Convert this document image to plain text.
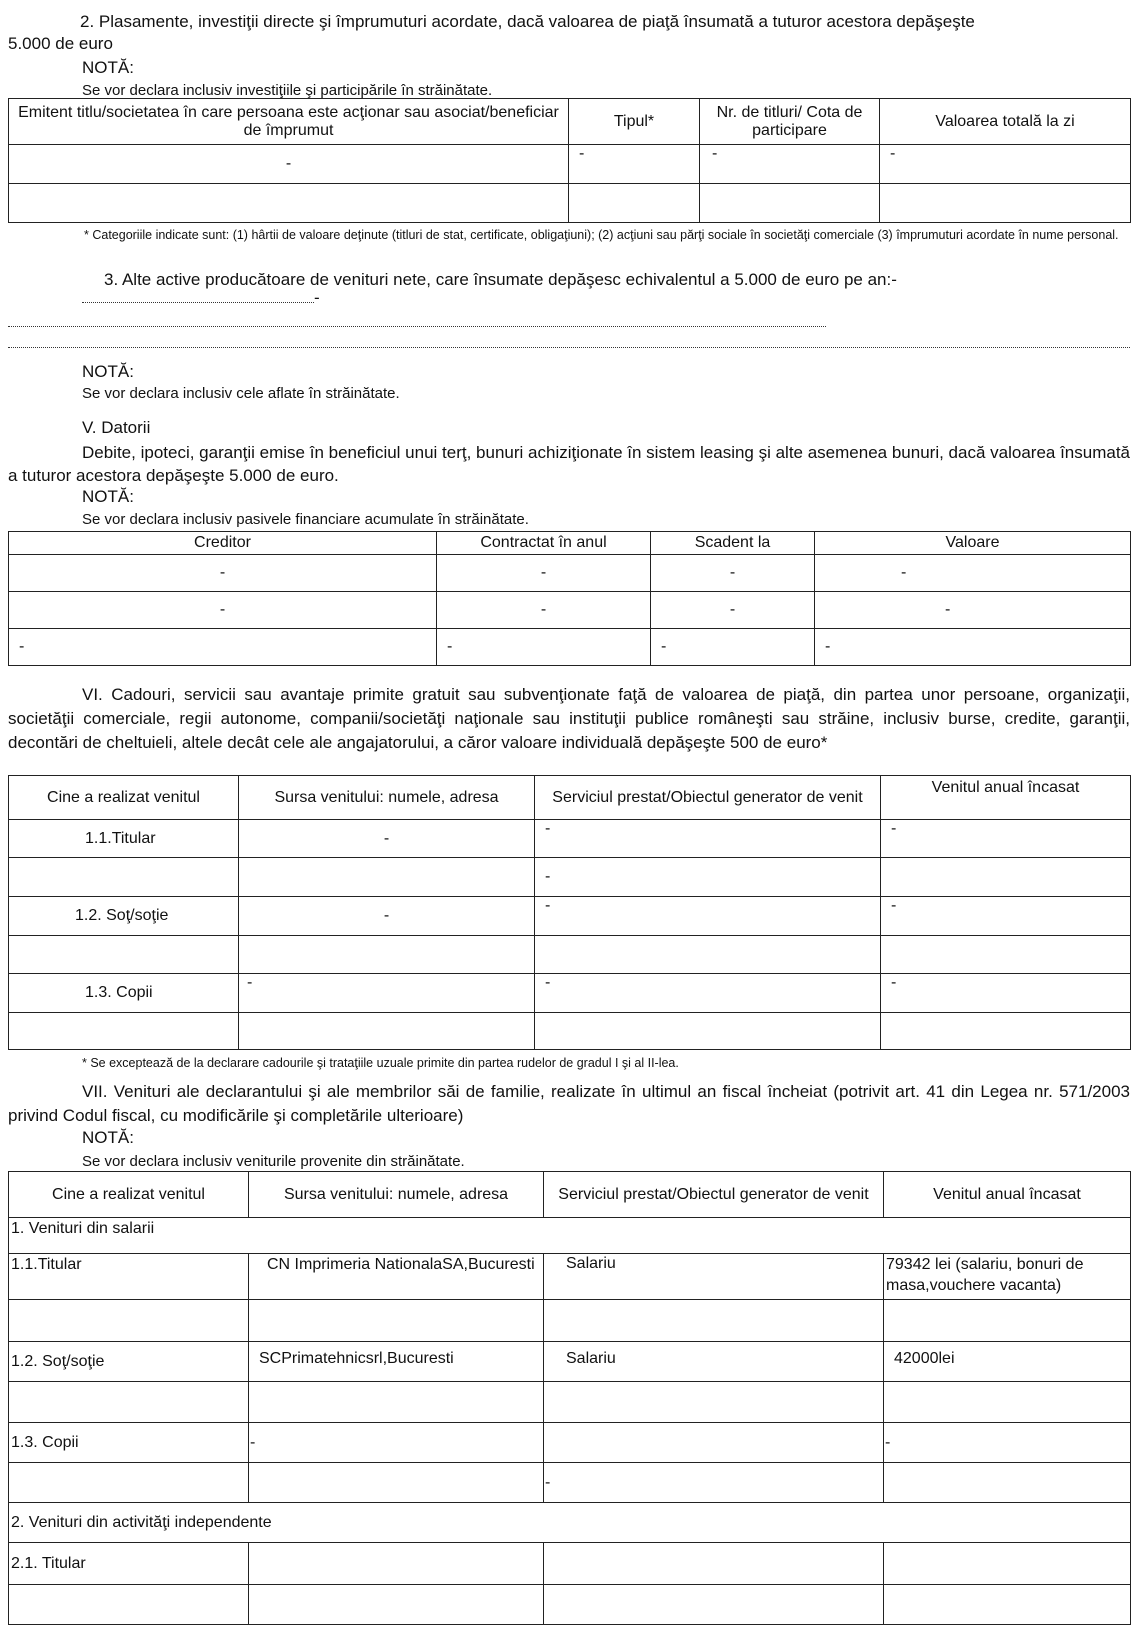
2. Plasamente, investiţii directe şi împrumuturi acordate, dacă valoarea de piaţă însumată a tuturor acestora depăşeşte
5.000 de euro
NOTĂ:
Se vor declara inclusiv investiţiile şi participările în străinătate.
Emitent titlu/societatea în care persoana este acţionar sau asociat/beneficiar de împrumut	Tipul*	Nr. de titluri/ Cota de participare	Valoarea totală la zi
-	-	-	-

* Categoriile indicate sunt: (1) hârtii de valoare deţinute (titluri de stat, certificate, obligaţiuni); (2) acţiuni sau părţi sociale în societăţi comerciale (3) împrumuturi acordate în nume personal.
3. Alte active producătoare de venituri nete, care însumate depăşesc echivalentul a 5.000 de euro pe an:-
-
NOTĂ:
Se vor declara inclusiv cele aflate în străinătate.
V. Datorii
Debite, ipoteci, garanţii emise în beneficiul unui terţ, bunuri achiziţionate în sistem leasing şi alte asemenea bunuri, dacă valoarea însumată a tuturor acestora depăşeşte 5.000 de euro.
NOTĂ:
Se vor declara inclusiv pasivele financiare acumulate în străinătate.
Creditor	Contractat în anul	Scadent la	Valoare
-	-	-	-
-	-	-	-
-	-	-	-
VI. Cadouri, servicii sau avantaje primite gratuit sau subvenţionate faţă de valoarea de piaţă, din partea unor persoane, organizaţii, societăţii comerciale, regii autonome, companii/societăţi naţionale sau instituţii publice româneşti sau străine, inclusiv burse, credite, garanţii, decontări de cheltuieli, altele decât cele ale angajatorului, a căror valoare individuală depăşeşte 500 de euro*
Cine a realizat venitul	Sursa venitului: numele, adresa	Serviciul prestat/Obiectul generator de venit	Venitul anual încasat
1.1.Titular	-	-	-
		-	
1.2. Soţ/soţie	-	-	-

1.3. Copii	-	-	-

* Se exceptează de la declarare cadourile şi trataţiile uzuale primite din partea rudelor de gradul I şi al II-lea.
VII. Venituri ale declarantului şi ale membrilor săi de familie, realizate în ultimul an fiscal încheiat (potrivit art. 41 din Legea nr. 571/2003 privind Codul fiscal, cu modificările şi completările ulterioare)
NOTĂ:
Se vor declara inclusiv veniturile provenite din străinătate.
Cine a realizat venitul	Sursa venitului: numele, adresa	Serviciul prestat/Obiectul generator de venit	Venitul anual încasat
1. Venituri din salarii			
1.1.Titular	CN Imprimeria NationalaSA,Bucuresti	Salariu	79342 lei (salariu, bonuri de masa,vouchere vacanta)

1.2. Soţ/soţie	SCPrimatehnicsrl,Bucuresti	Salariu	42000lei

1.3. Copii	-		-
		-	
2. Venituri din activităţi independente			
2.1. Titular			
